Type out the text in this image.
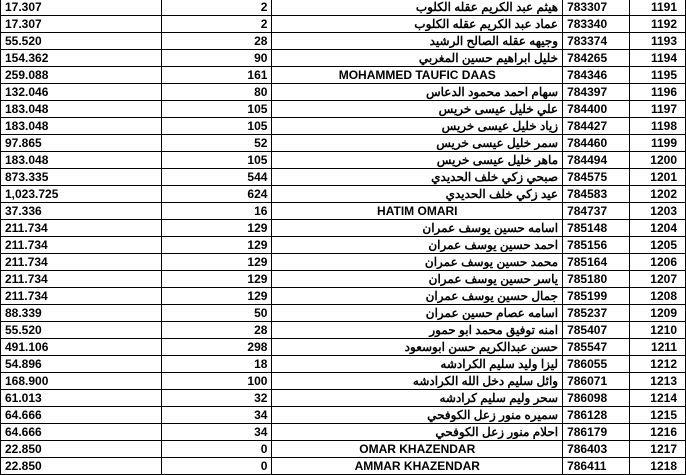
17.307	2	هيثم عبد الكريم عقله الكلوب	783307	1191
17.307	2	عماد عبد الكريم عقله الكلوب	783340	1192
55.520	28	وجيهه عقله الصالح الرشيد	783374	1193
154.362	90	خليل ابراهيم حسين المغربي	784265	1194
259.088	161	MOHAMMED TAUFIC DAAS	784346	1195
132.046	80	سهام احمد محمود الدعاس	784397	1196
183.048	105	علي خليل عيسى خريس	784400	1197
183.048	105	زياد خليل عيسى خريس	784427	1198
97.865	52	سمر خليل عيسى خريس	784460	1199
183.048	105	ماهر خليل عيسى خريس	784494	1200
873.335	544	صبحي زكي خلف الحديدي	784575	1201
1,023.725	624	عيد زكي خلف الحديدي	784583	1202
37.336	16	HATIM OMARI	784737	1203
211.734	129	اسامه حسين يوسف عمران	785148	1204
211.734	129	احمد حسين يوسف عمران	785156	1205
211.734	129	محمد حسين يوسف عمران	785164	1206
211.734	129	ياسر حسين يوسف عمران	785180	1207
211.734	129	جمال حسين يوسف عمران	785199	1208
88.339	50	اسامه عصام حسين عمران	785237	1209
55.520	28	امنه توفيق محمد ابو حمور	785407	1210
491.106	298	حسن عبدالكريم حسن ابوسعود	785547	1211
54.896	18	ليزا وليد سليم الكرادشه	786055	1212
168.900	100	وائل سليم دخل الله الكرادشه	786071	1213
61.013	32	سحر وليم سليم كرادشه	786098	1214
64.666	34	سميره منور زعل الكوفحي	786128	1215
64.666	34	احلام منور زعل الكوفحي	786179	1216
22.850	0	OMAR KHAZENDAR	786403	1217
22.850	0	AMMAR KHAZENDAR	786411	1218
